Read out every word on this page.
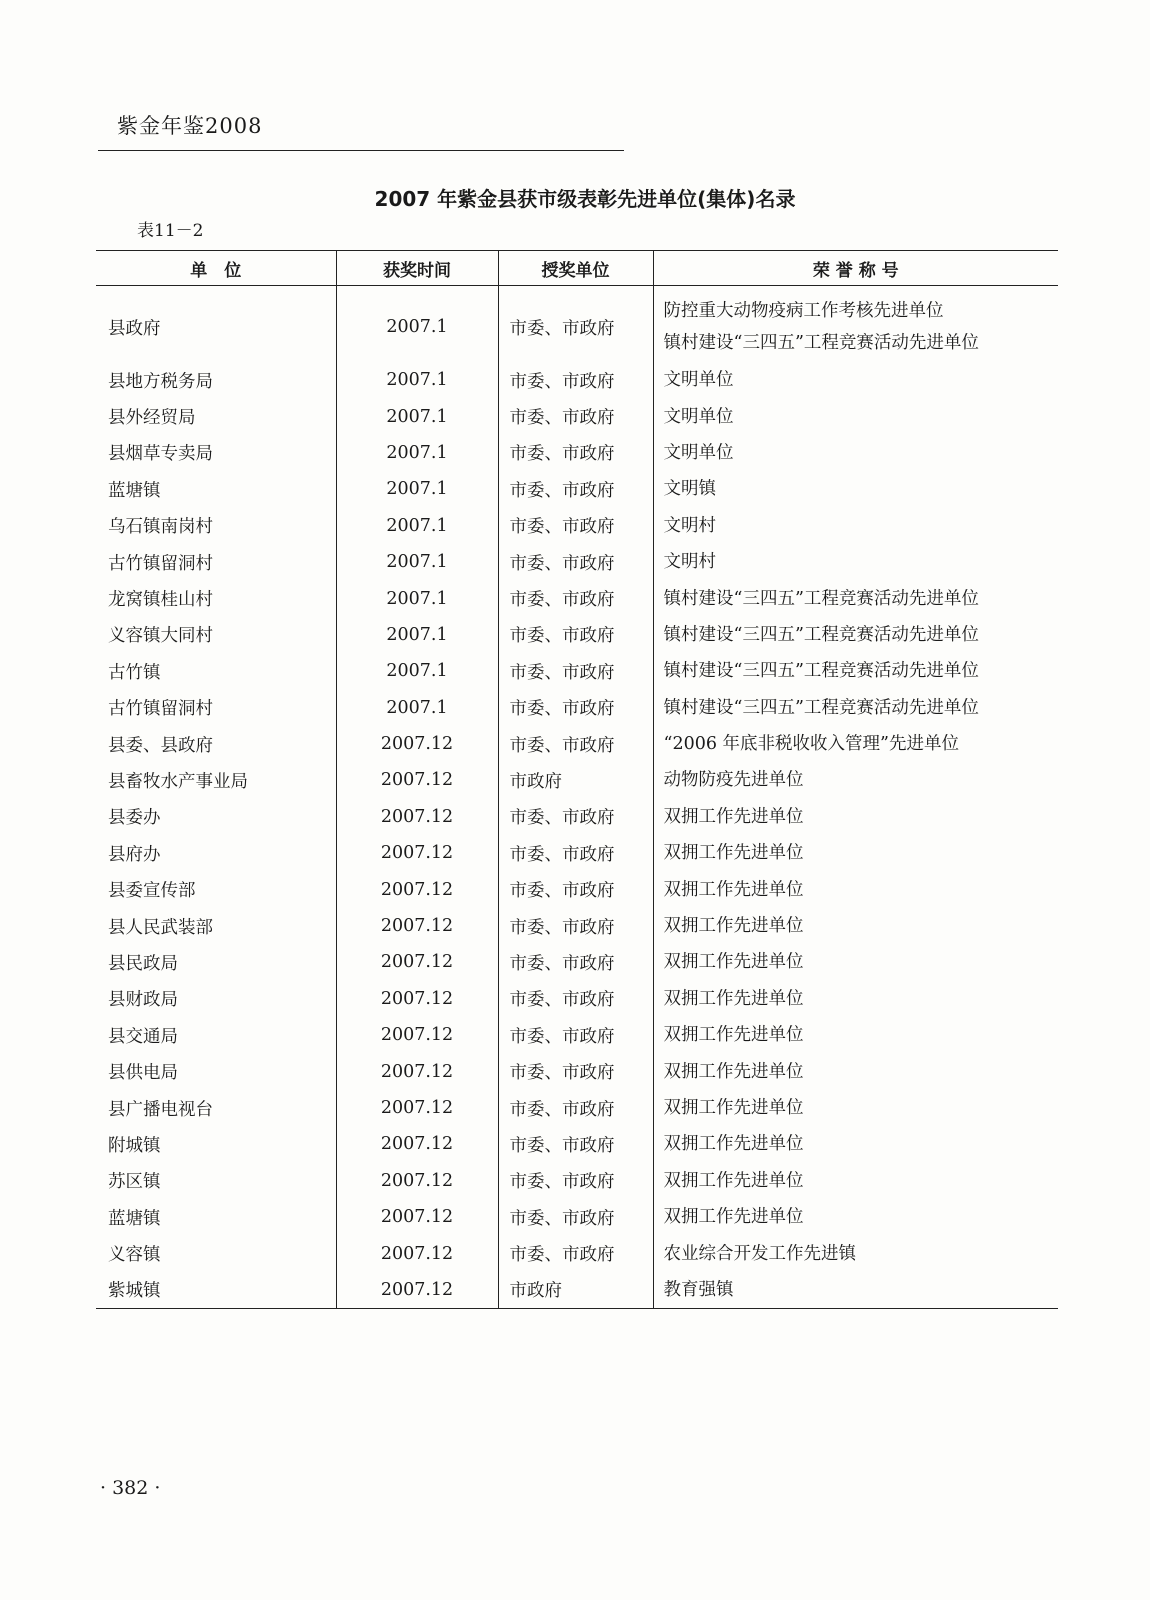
紫金年鉴2008
2007 年紫金县获市级表彰先进单位(集体)名录
表11－2
单　位	获奖时间	授奖单位	荣 誉 称 号
县政府	2007.1	市委、市政府	防控重大动物疫病工作考核先进单位
镇村建设“三四五”工程竞赛活动先进单位

县地方税务局	2007.1	市委、市政府	文明单位

县外经贸局	2007.1	市委、市政府	文明单位

县烟草专卖局	2007.1	市委、市政府	文明单位

蓝塘镇	2007.1	市委、市政府	文明镇

乌石镇南岗村	2007.1	市委、市政府	文明村

古竹镇留洞村	2007.1	市委、市政府	文明村

龙窝镇桂山村	2007.1	市委、市政府	镇村建设“三四五”工程竞赛活动先进单位

义容镇大同村	2007.1	市委、市政府	镇村建设“三四五”工程竞赛活动先进单位

古竹镇	2007.1	市委、市政府	镇村建设“三四五”工程竞赛活动先进单位

古竹镇留洞村	2007.1	市委、市政府	镇村建设“三四五”工程竞赛活动先进单位

县委、县政府	2007.12	市委、市政府	“2006 年底非税收收入管理”先进单位

县畜牧水产事业局	2007.12	市政府	动物防疫先进单位

县委办	2007.12	市委、市政府	双拥工作先进单位

县府办	2007.12	市委、市政府	双拥工作先进单位

县委宣传部	2007.12	市委、市政府	双拥工作先进单位

县人民武装部	2007.12	市委、市政府	双拥工作先进单位

县民政局	2007.12	市委、市政府	双拥工作先进单位

县财政局	2007.12	市委、市政府	双拥工作先进单位

县交通局	2007.12	市委、市政府	双拥工作先进单位

县供电局	2007.12	市委、市政府	双拥工作先进单位

县广播电视台	2007.12	市委、市政府	双拥工作先进单位

附城镇	2007.12	市委、市政府	双拥工作先进单位

苏区镇	2007.12	市委、市政府	双拥工作先进单位

蓝塘镇	2007.12	市委、市政府	双拥工作先进单位

义容镇	2007.12	市委、市政府	农业综合开发工作先进镇

紫城镇	2007.12	市政府	教育强镇
· 382 ·
